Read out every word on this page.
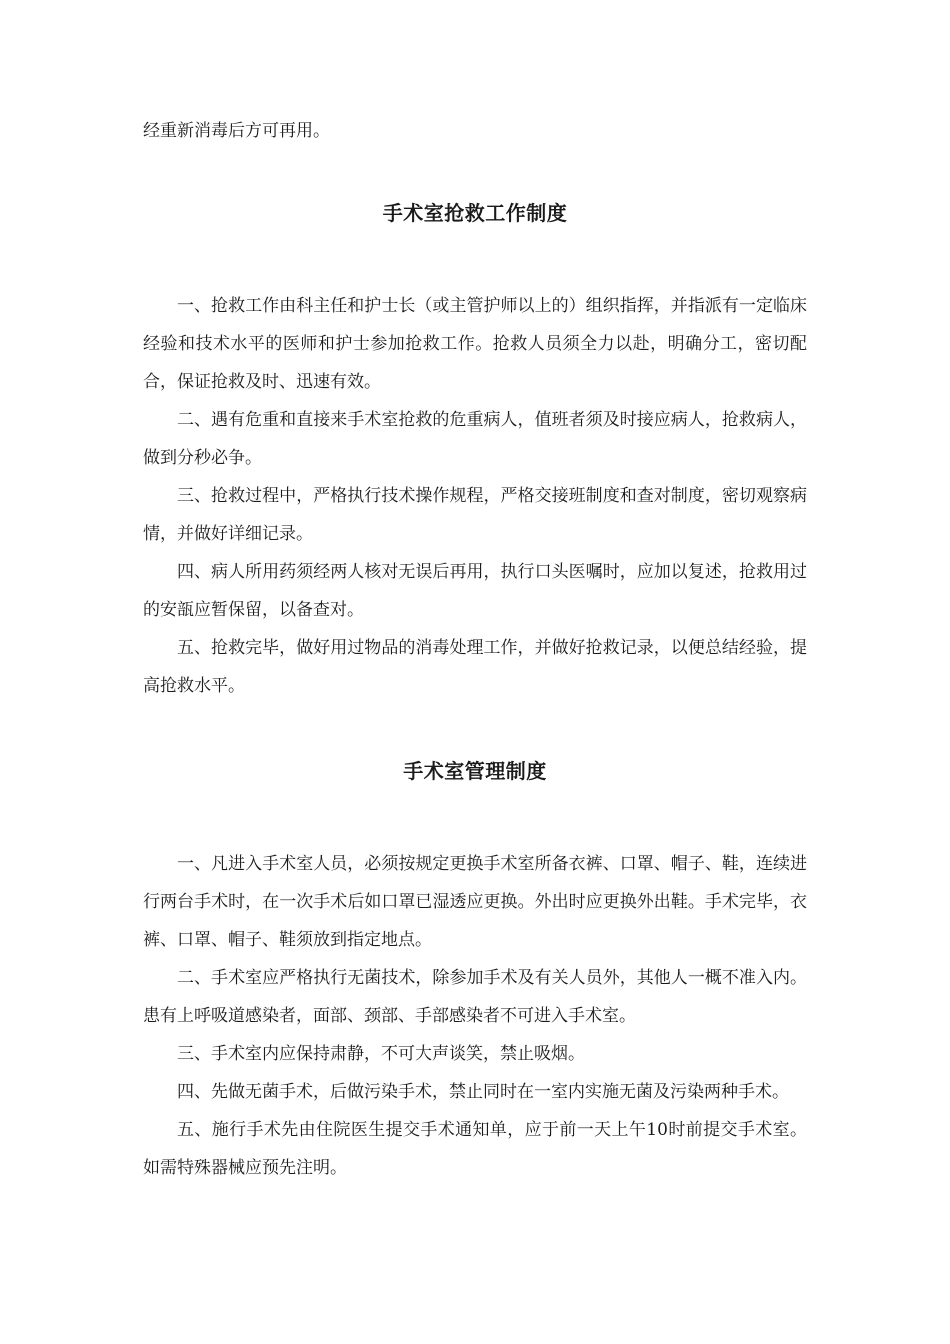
经重新消毒后方可再用。

手术室抢救工作制度

一、抢救工作由科主任和护士长（或主管护师以上的）组织指挥，并指派有一定临床经验和技术水平的医师和护士参加抢救工作。抢救人员须全力以赴，明确分工，密切配合，保证抢救及时、迅速有效。

二、遇有危重和直接来手术室抢救的危重病人，值班者须及时接应病人，抢救病人，做到分秒必争。

三、抢救过程中，严格执行技术操作规程，严格交接班制度和查对制度，密切观察病情，并做好详细记录。

四、病人所用药须经两人核对无误后再用，执行口头医嘱时，应加以复述，抢救用过的安瓿应暂保留，以备查对。

五、抢救完毕，做好用过物品的消毒处理工作，并做好抢救记录，以便总结经验，提高抢救水平。

手术室管理制度

一、凡进入手术室人员，必须按规定更换手术室所备衣裤、口罩、帽子、鞋，连续进行两台手术时，在一次手术后如口罩已湿透应更换。外出时应更换外出鞋。手术完毕，衣裤、口罩、帽子、鞋须放到指定地点。

二、手术室应严格执行无菌技术，除参加手术及有关人员外，其他人一概不准入内。患有上呼吸道感染者，面部、颈部、手部感染者不可进入手术室。

三、手术室内应保持肃静，不可大声谈笑，禁止吸烟。

四、先做无菌手术，后做污染手术，禁止同时在一室内实施无菌及污染两种手术。

五、施行手术先由住院医生提交手术通知单，应于前一天上午10时前提交手术室。如需特殊器械应预先注明。
